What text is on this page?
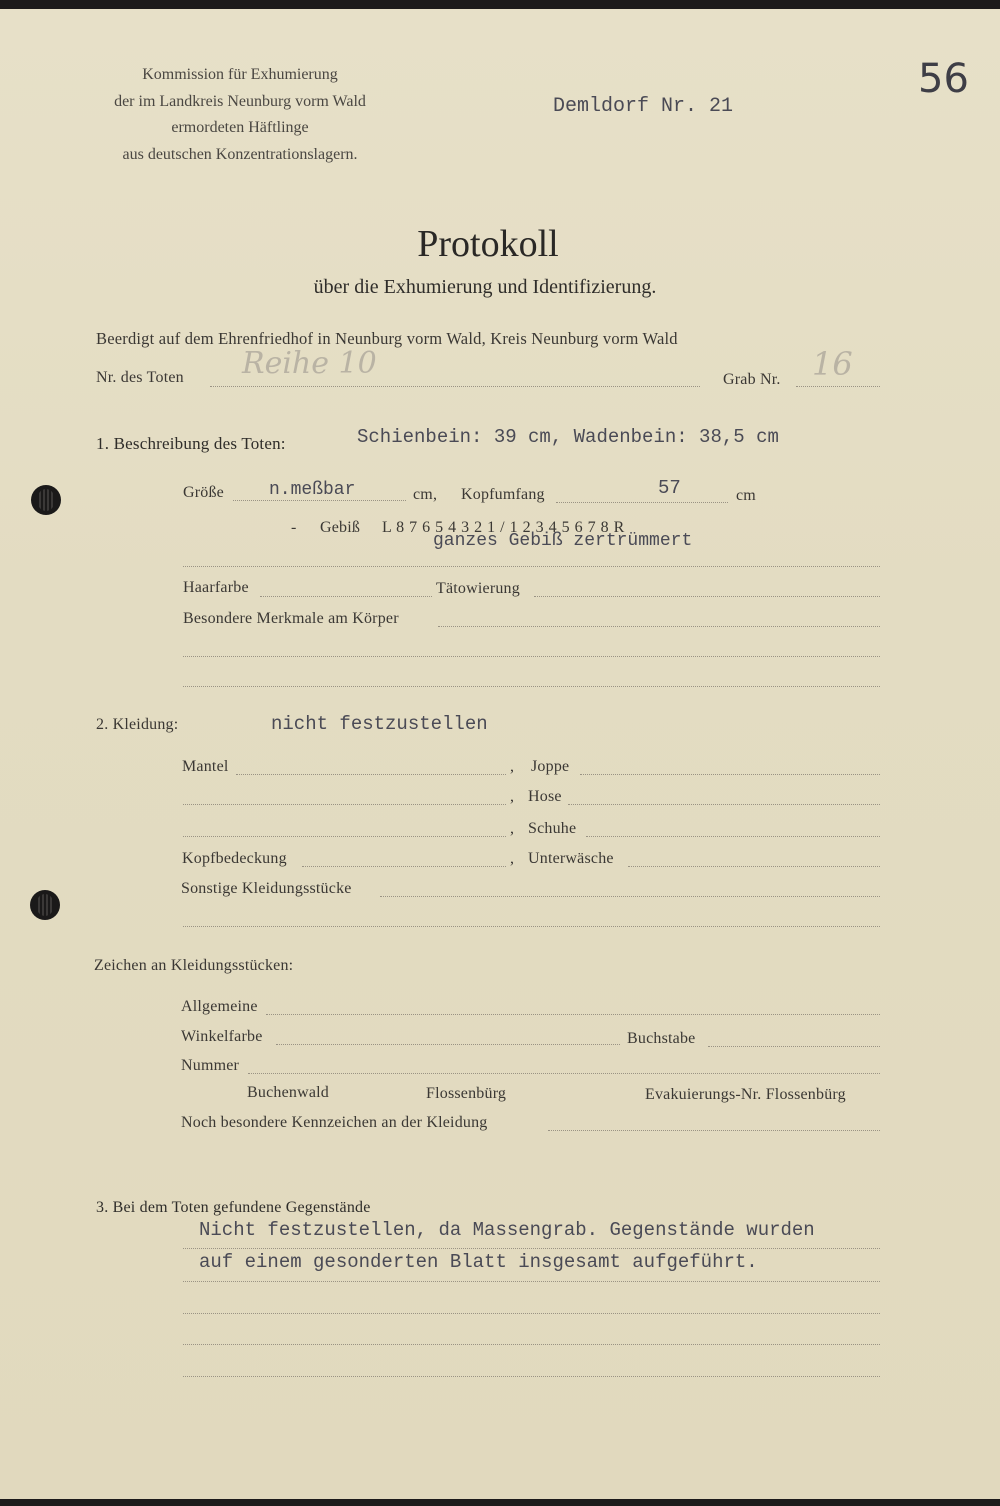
Kommission für Exhumierung
der im Landkreis Neunburg vorm Wald
ermordeten Häftlinge
aus deutschen Konzentrationslagern.
Demldorf Nr. 21
56
Protokoll
über die Exhumierung und Identifizierung.
Beerdigt auf dem Ehrenfriedhof in Neunburg vorm Wald, Kreis Neunburg vorm Wald
Nr. des Toten Reihe 10	Grab Nr. 16
1. Beschreibung des Toten:	Schienbein: 39 cm, Wadenbein: 38,5 cm
Größe	n.meßbar	cm, Kopfumfang	57	cm
- Gebiß L 8 7 6 5 4 3 2 1 / 1 2 3 4 5 6 7 8 R
ganzes Gebiß zertrümmert
Haarfarbe	Tätowierung
Besondere Merkmale am Körper
2. Kleidung:	nicht festzustellen
Mantel	, Joppe
, Hose
, Schuhe
Kopfbedeckung	, Unterwäsche
Sonstige Kleidungsstücke
Zeichen an Kleidungsstücken:
Allgemeine
Winkelfarbe	Buchstabe
Nummer
Buchenwald	Flossenbürg	Evakuierungs-Nr. Flossenbürg
Noch besondere Kennzeichen an der Kleidung
3. Bei dem Toten gefundene Gegenstände
Nicht festzustellen, da Massengrab. Gegenstände wurden
auf einem gesonderten Blatt insgesamt aufgeführt.
